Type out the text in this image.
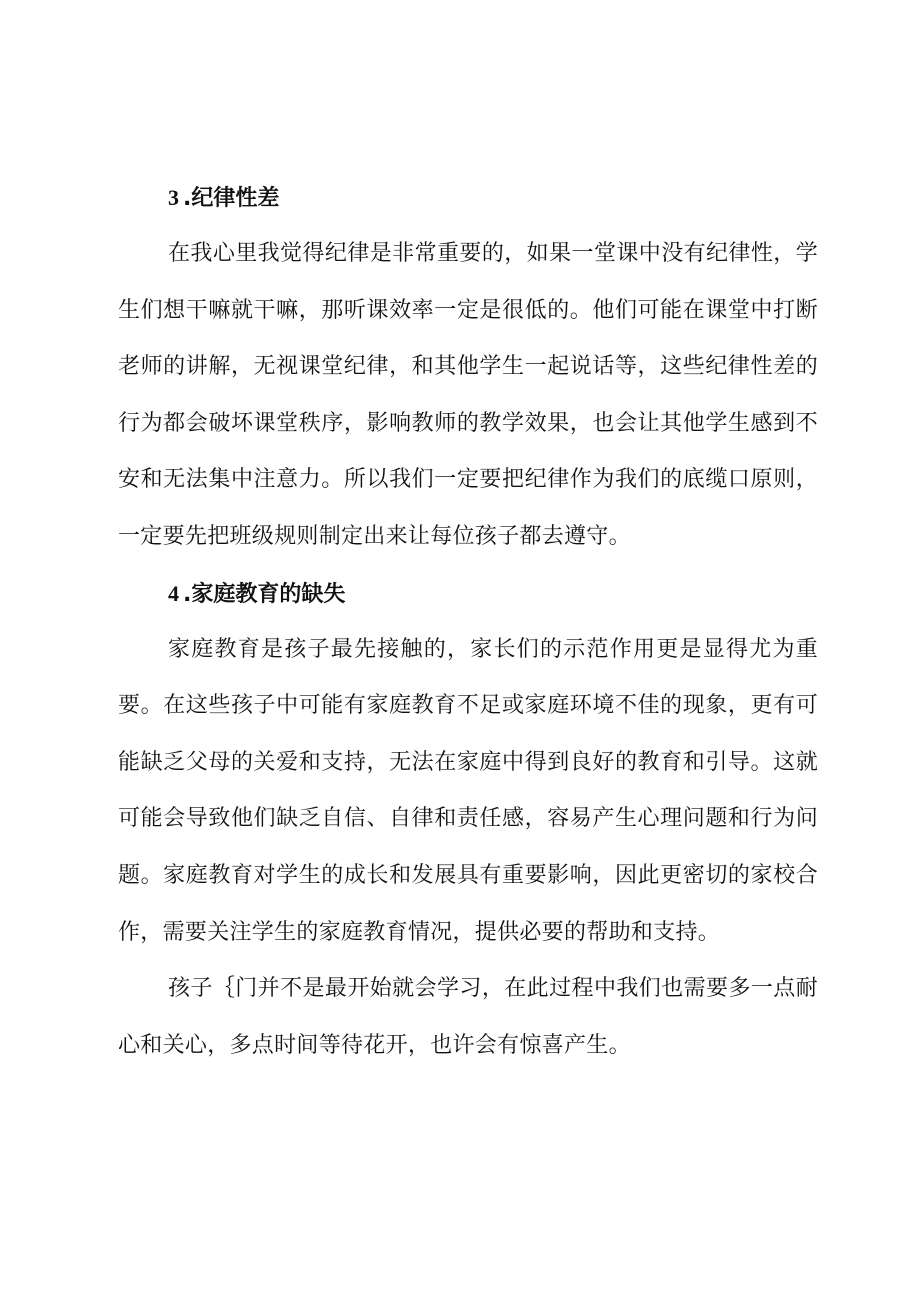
3 .纪律性差

在我心里我觉得纪律是非常重要的，如果一堂课中没有纪律性，学生们想干嘛就干嘛，那听课效率一定是很低的。他们可能在课堂中打断老师的讲解，无视课堂纪律，和其他学生一起说话等，这些纪律性差的行为都会破坏课堂秩序，影响教师的教学效果，也会让其他学生感到不安和无法集中注意力。所以我们一定要把纪律作为我们的底缆口原则，一定要先把班级规则制定出来让每位孩子都去遵守。

4 .家庭教育的缺失

家庭教育是孩子最先接触的，家长们的示范作用更是显得尤为重要。在这些孩子中可能有家庭教育不足或家庭环境不佳的现象，更有可能缺乏父母的关爱和支持，无法在家庭中得到良好的教育和引导。这就可能会导致他们缺乏自信、自律和责任感，容易产生心理问题和行为问题。家庭教育对学生的成长和发展具有重要影响，因此更密切的家校合作，需要关注学生的家庭教育情况，提供必要的帮助和支持。

孩子｛门并不是最开始就会学习，在此过程中我们也需要多一点耐心和关心，多点时间等待花开，也许会有惊喜产生。
